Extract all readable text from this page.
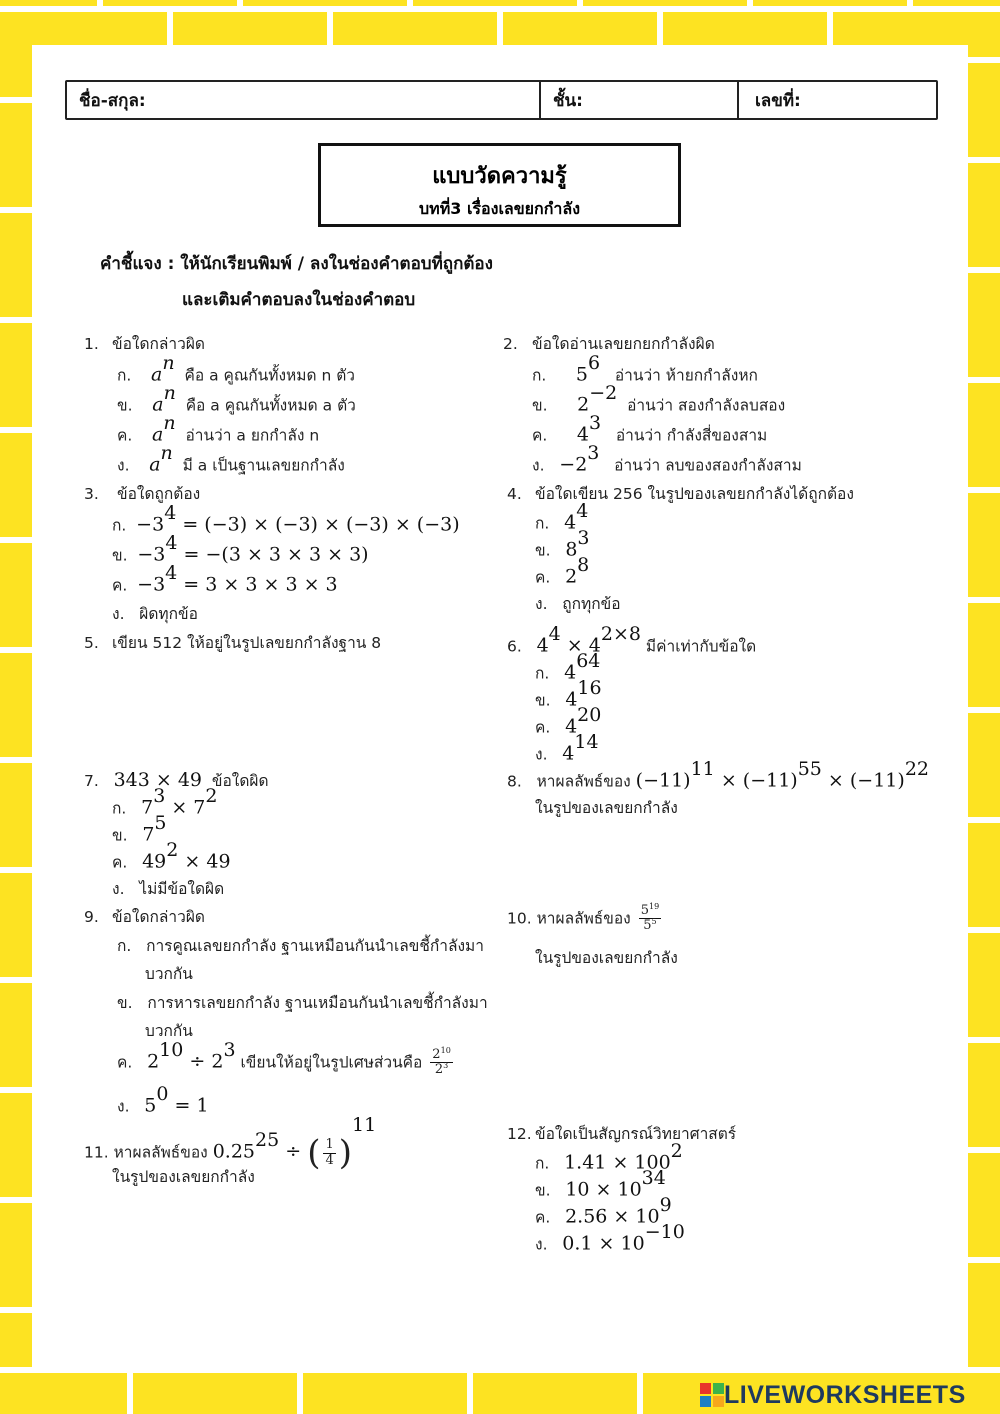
ชื่อ-สกุล:	ชั้น:	เลขที่:
แบบวัดความรู้
บทที่3 เรื่องเลขยกกำลัง
คำชี้แจง : ให้นักเรียนพิมพ์ / ลงในช่องคำตอบที่ถูกต้อง
และเติมคำตอบลงในช่องคำตอบ
1. ข้อใดกล่าวผิด
ก. $a^n$  คือ a คูณกันทั้งหมด n ตัว
ข. $a^n$  คือ a คูณกันทั้งหมด a ตัว
ค. $a^n$  อ่านว่า a ยกกำลัง n
ง. $a^n$  มี a เป็นฐานเลขยกกำลัง
2. ข้อใดอ่านเลขยกยกกำลังผิด
ก. $5^6$   อ่านว่า ห้ายกกำลังหก
ข. $2^{-2}$  อ่านว่า สองกำลังลบสอง
ค. $4^3$   อ่านว่า กำลังสี่ของสาม
ง. $-2^3$   อ่านว่า ลบของสองกำลังสาม
3. ข้อใดถูกต้อง
ก. $-3^4 = (-3) \times (-3) \times (-3) \times (-3)$
ข. $-3^4 = -(3 \times 3 \times 3 \times 3)$
ค. $-3^4 = 3 \times 3 \times 3 \times 3$
ง. ผิดทุกข้อ
4. ข้อใดเขียน 256 ในรูปของเลขยกกำลังได้ถูกต้อง
ก. $4^4$
ข. $8^3$
ค. $2^8$
ง. ถูกทุกข้อ
5. เขียน 512 ให้อยู่ในรูปเลขยกกำลังฐาน 8	6. $4^4 \times 4^{2\times 8}$ มีค่าเท่ากับข้อใด
ก. $4^{64}$
ข. $4^{16}$
ค. $4^{20}$
ง. $4^{14}$
7. 343 × 49 ข้อใดผิด
ก. $7^3 \times 7^2$
ข. $7^5$
ค. $49^2 \times 49$
ง. ไม่มีข้อใดผิด
8. หาผลลัพธ์ของ $(-11)^{11} \times (-11)^{55} \times (-11)^{22}$
ในรูปของเลขยกกำลัง
9. ข้อใดกล่าวผิด
ก. การคูณเลขยกกำลัง ฐานเหมือนกันนำเลขชี้กำลังมา
บวกกัน
ข. การหารเลขยกกำลัง ฐานเหมือนกันนำเลขชี้กำลังมา
บวกกัน
ค. $2^{10} \div 2^3$ เขียนให้อยู่ในรูปเศษส่วนคือ $\frac{2^{10}}{2^3}$
ง. $5^0 = 1$
10. หาผลลัพธ์ของ $\frac{5^{19}}{5^5}$
ในรูปของเลขยกกำลัง
11. หาผลลัพธ์ของ $0.25^{25}$ ÷ ( $\frac{1}{4} )^{11}$
ในรูปของเลขยกกำลัง
12. ข้อใดเป็นสัญกรณ์วิทยาศาสตร์
ก. $1.41 \times 100^2$
ข. $10 \times 10^{34}$
ค. $2.56 \times 10^9$
ง. $0.1 \times 10^{-10}$
LIVEWORKSHEETS
